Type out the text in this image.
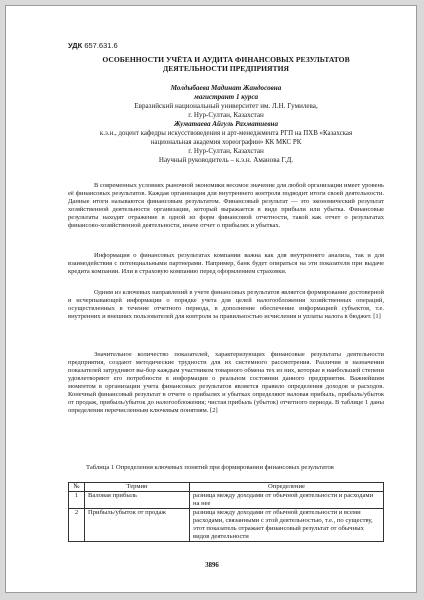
УДК 657.631.6
ОСОБЕННОСТИ УЧЁТА И АУДИТА ФИНАНСОВЫХ РЕЗУЛЬТАТОВ
ДЕЯТЕЛЬНОСТИ ПРЕДПРИЯТИЯ
Молдыбаева Мадинат Жандосовна
магистрант 1 курса
Евразийский национальный университет им. Л.Н. Гумилева,
г. Нур-Султан, Казахстан
Жуматаева Айгуль Рахматиевна
к.э.н., доцент кафедры искусствоведения и арт-менеджмента РГП на ПХВ «Казахская
национальная академия хореографии» КК МКС РК
г. Нур-Султан, Казахстан
Научный руководитель – к.э.н. Аманова Г.Д.

В современных условиях рыночной экономики весомое значение для любой организации имеет уровень её финансовых результатов. Каждая организация для внутреннего контроля подводит итоги своей деятельности. Данные итоги называются финансовым результатом. Финансовый результат — это экономический результат хозяйственной деятельности организации, который выражается в виде прибыли или убытка. Финансовые результаты находят отражение в одной из форм финансовой отчетности, такой как отчет о результатах финансово-хозяйственной деятельности, иначе отчет о прибылях и убытках.

Информация о финансовых результатах компании важна как для внутреннего анализа, так и для взаимодействия с потенциальными партнерами. Например, банк будет опираться на эти показатели при выдаче кредита компании. Или в страховую компанию перед оформлением страховки.

Одним из ключевых направлений в учете финансовых результатов является формирование достоверной и исчерпывающей информации о порядке учета для целей налогообложения хозяйственных операций, осуществленных в течение отчетного периода, в дополнение обеспечение информацией субъектов, т.е. внутренних и внешних пользователей для контроля за правильностью исчисления и уплаты налога в бюджет. [1]

Значительное количество показателей, характеризующих финансовые результаты деятельности предприятия, создают методические трудности для их системного рассмотрения. Различия в назначении показателей затрудняют вы-бор каждым участником товарного обмена тех из них, которые в наибольшей степени удовлетворяют его потребности в информации о реальном состоянии данного предприятия. Важнейшим моментом в организации учета финансовых результатов является правило определения доходов и расходов. Конечный финансовый результат в отчете о прибылях и убытках определяют валовая прибыль, прибыль/убыток от продаж, прибыль/убыток до налогообложения; чистая прибыль (убыток) отчетного периода. В таблице 1 даны определения перечисленным ключевым понятиям. [2]

Таблица 1 Определения ключевых понятий при формировании финансовых результатов

№	Термин	Определение
1	Валовая прибыль	разница между доходами от обычной деятельности и расходами на нее
2	Прибыль/убыток от продаж	разница между доходами от обычной деятельности и всеми расходами, связанными с этой деятельностью, т.е., по существу, этот показатель отражает финансовый результат от обычных видов деятельности
3896
